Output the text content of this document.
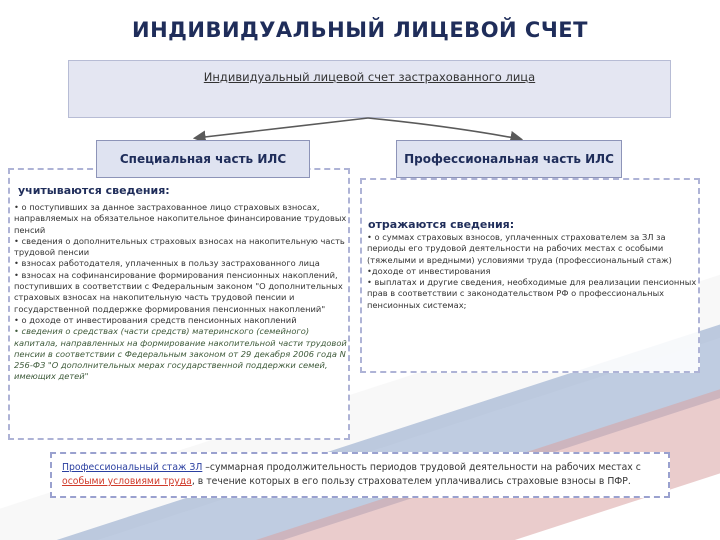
ИНДИВИДУАЛЬНЫЙ ЛИЦЕВОЙ СЧЕТ
Индивидуальный лицевой счет застрахованного лица
учитываются сведения:

• о поступивших за данное застрахованное лицо страховых взносах, направляемых на обязательное накопительное финансирование трудовых пенсий

• сведения о дополнительных страховых взносах на накопительную часть трудовой пенсии

• взносах работодателя, уплаченных в пользу застрахованного лица

• взносах на софинансирование формирования пенсионных накоплений, поступивших в соответствии с Федеральным законом "О дополнительных страховых взносах на накопительную часть трудовой пенсии и государственной поддержке формирования пенсионных накоплений"

• о доходе от инвестирования средств пенсионных накоплений

• сведения о средствах (части средств) материнского (семейного) капитала, направленных на формирование накопительной части трудовой пенсии в соответствии с Федеральным законом от 29 декабря 2006 года N 256-ФЗ "О дополнительных мерах государственной поддержки семей, имеющих детей"

Специальная часть ИЛС
отражаются сведения:

• о суммах страховых взносов, уплаченных страхователем за ЗЛ за периоды его трудовой деятельности на рабочих местах с особыми (тяжелыми и вредными) условиями труда (профессиональный стаж)

•доходе от инвестирования

• выплатах и другие сведения, необходимые для реализации пенсионных прав в соответствии с законодательством РФ о профессиональных пенсионных системах;

Профессиональная часть ИЛС
Профессиональный стаж ЗЛ –суммарная продолжительность периодов трудовой деятельности на рабочих местах с особыми условиями труда, в течение которых в его пользу страхователем уплачивались страховые взносы в ПФР.
